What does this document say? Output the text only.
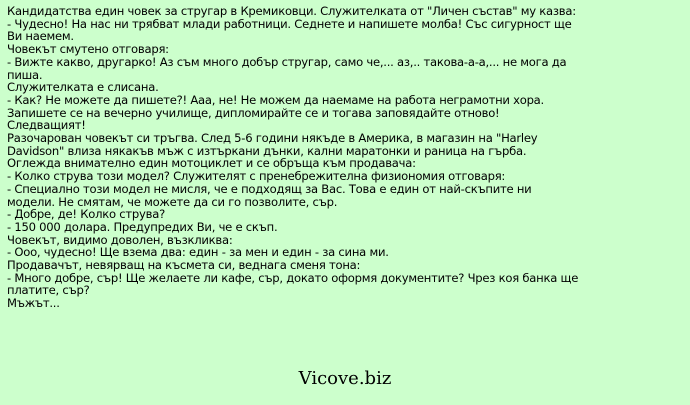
Кандидатства един човек за стругар в Кремиковци. Служителката от "Личен състав" му казва:

- Чудесно! На нас ни трябват млади работници. Седнете и напишете молба! Със сигурност ще Ви наемем.

Човекът смутено отговаря:

- Вижте какво, другарко! Аз съм много добър стругар, само че,... аз,.. такова-а-а,... не мога да пиша.

Служителката е слисана.

- Как? Не можете да пишете?! Ааа, не! Не можем да наемаме на работа неграмотни хора. Запишете се на вечерно училище, дипломирайте се и тогава заповядайте отново! Следващият!

Разочарован човекът си тръгва. След 5-6 години някъде в Америка, в магазин на "Harley Davidson" влиза някакъв мъж с изтъркани дънки, кални маратонки и раница на гърба. Оглежда внимателно един мотоциклет и се обръща към продавача:

- Колко струва този модел? Служителят с пренебрежителна физиономия отговаря:

- Специално този модел не мисля, че е подходящ за Вас. Това е един от най-скъпите ни модели. Не смятам, че можете да си го позволите, сър.

- Добре, де! Колко струва?

- 150 000 долара. Предупредих Ви, че е скъп.

Човекът, видимо доволен, възкликва:

- Ооо, чудесно! Ще взема два: един - за мен и един - за сина ми.

Продавачът, невярващ на късмета си, веднага сменя тона:

- Много добре, сър! Ще желаете ли кафе, сър, докато оформя документите? Чрез коя банка ще платите, сър?

Мъжът...

Vicove.biz
